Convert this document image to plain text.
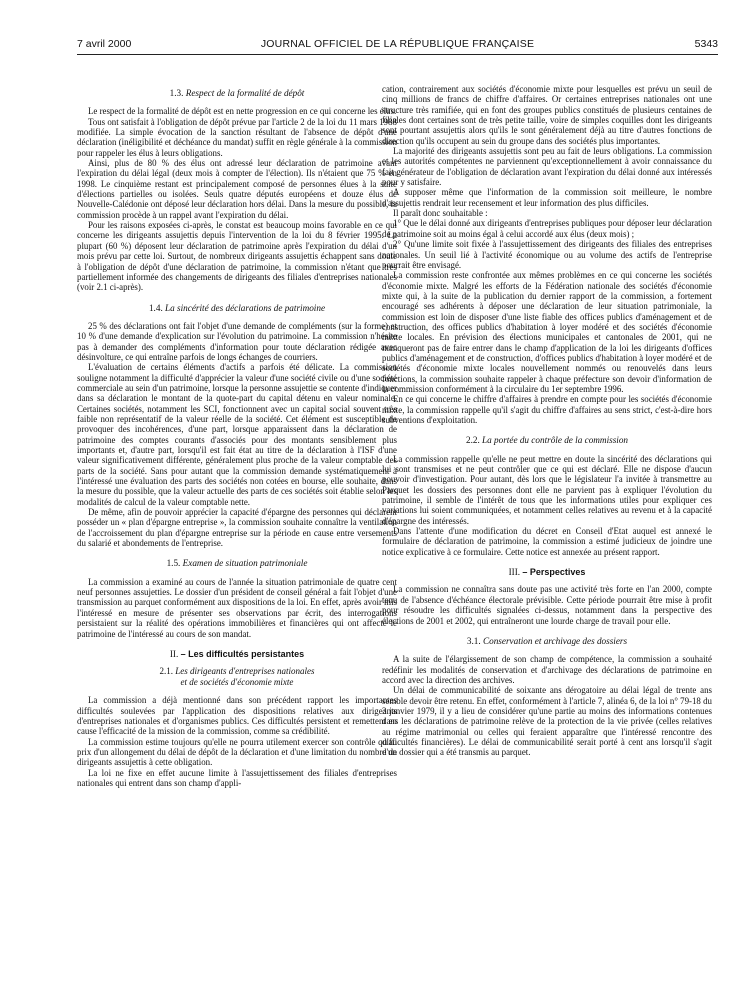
7 avril 2000	JOURNAL OFFICIEL DE LA RÉPUBLIQUE FRANÇAISE	5343
1.3. Respect de la formalité de dépôt

Le respect de la formalité de dépôt est en nette progression en ce qui concerne les élus.

Tous ont satisfait à l'obligation de dépôt prévue par l'article 2 de la loi du 11 mars 1988 modifiée. La simple évocation de la sanction résultant de l'absence de dépôt d'une déclaration (inéligibilité et déchéance du mandat) suffit en règle générale à la commission pour rappeler les élus à leurs obligations.

Ainsi, plus de 80 % des élus ont adressé leur déclaration de patrimoine avant l'expiration du délai légal (deux mois à compter de l'élection). Ils n'étaient que 75 % en 1998. Le cinquième restant est principalement composé de personnes élues à la suite d'élections partielles ou isolées. Seuls quatre députés européens et douze élus de Nouvelle-Calédonie ont déposé leur déclaration hors délai. Dans la mesure du possible, la commission procède à un rappel avant l'expiration du délai.

Pour les raisons exposées ci-après, le constat est beaucoup moins favorable en ce qui concerne les dirigeants assujettis depuis l'intervention de la loi du 8 février 1995. La plupart (60 %) déposent leur déclaration de patrimoine après l'expiration du délai d'un mois prévu par cette loi. Surtout, de nombreux dirigeants assujettis échappent sans doute à l'obligation de dépôt d'une déclaration de patrimoine, la commission n'étant que très partiellement informée des changements de dirigeants des filiales d'entreprises nationales (voir 2.1 ci-après).

1.4. La sincérité des déclarations de patrimoine

25 % des déclarations ont fait l'objet d'une demande de compléments (sur la forme) et 10 % d'une demande d'explication sur l'évolution du patrimoine. La commission n'hésite pas à demander des compléments d'information pour toute déclaration rédigée avec désinvolture, ce qui entraîne parfois de longs échanges de courriers.

L'évaluation de certains éléments d'actifs a parfois été délicate. La commission souligne notamment la difficulté d'apprécier la valeur d'une société civile ou d'une société commerciale au sein d'un patrimoine, lorsque la personne assujettie se contente d'indiquer dans sa déclaration le montant de la quote-part du capital détenu en valeur nominale. Certaines sociétés, notamment les SCI, fonctionnent avec un capital social souvent très faible non représentatif de la valeur réelle de la société. Cet élément est susceptible de provoquer des incohérences, d'une part, lorsque apparaissent dans la déclaration de patrimoine des comptes courants d'associés pour des montants sensiblement plus importants et, d'autre part, lorsqu'il est fait état au titre de la déclaration à l'ISF d'une valeur significativement différente, généralement plus proche de la valeur comptable des parts de la société. Sans pour autant que la commission demande systématiquement à l'intéressé une évaluation des parts des sociétés non cotées en bourse, elle souhaite, dans la mesure du possible, que la valeur actuelle des parts de ces sociétés soit établie selon les modalités de calcul de la valeur comptable nette.

De même, afin de pouvoir apprécier la capacité d'épargne des personnes qui déclarent posséder un « plan d'épargne entreprise », la commission souhaite connaître la ventilation de l'accroissement du plan d'épargne entreprise sur la période en cause entre versements du salarié et abondements de l'entreprise.

1.5. Examen de situation patrimoniale

La commission a examiné au cours de l'année la situation patrimoniale de quatre cent neuf personnes assujetties. Le dossier d'un président de conseil général a fait l'objet d'une transmission au parquet conformément aux dispositions de la loi. En effet, après avoir mis l'intéressé en mesure de présenter ses observations par écrit, des interrogations persistaient sur la réalité des opérations immobilières et financières qui ont affecté le patrimoine de l'intéressé au cours de son mandat.

II. – Les difficultés persistantes
2.1. Les dirigeants d'entreprises nationales
et de sociétés d'économie mixte

La commission a déjà mentionné dans son précédent rapport les importantes difficultés soulevées par l'application des dispositions relatives aux dirigeants d'entreprises nationales et d'organismes publics. Ces difficultés persistent et remettent en cause l'efficacité de la mission de la commission, comme sa crédibilité.

La commission estime toujours qu'elle ne pourra utilement exercer son contrôle qu'au prix d'un allongement du délai de dépôt de la déclaration et d'une limitation du nombre de dirigeants assujettis à cette obligation.

La loi ne fixe en effet aucune limite à l'assujettissement des filiales d'entreprises nationales qui entrent dans son champ d'appli-

cation, contrairement aux sociétés d'économie mixte pour lesquelles est prévu un seuil de cinq millions de francs de chiffre d'affaires. Or certaines entreprises nationales ont une structure très ramifiée, qui en font des groupes publics constitués de plusieurs centaines de filiales dont certaines sont de très petite taille, voire de simples coquilles dont les dirigeants sont pourtant assujettis alors qu'ils le sont généralement déjà au titre d'autres fonctions de direction qu'ils occupent au sein du groupe dans des sociétés plus importantes.

La majorité des dirigeants assujettis sont peu au fait de leurs obligations. La commission et les autorités compétentes ne parviennent qu'exceptionnellement à avoir connaissance du fait générateur de l'obligation de déclaration avant l'expiration du délai donné aux intéressés pour y satisfaire.

A supposer même que l'information de la commission soit meilleure, le nombre d'assujettis rendrait leur recensement et leur information des plus difficiles.

Il paraît donc souhaitable :

1° Que le délai donné aux dirigeants d'entreprises publiques pour déposer leur déclaration de patrimoine soit au moins égal à celui accordé aux élus (deux mois) ;

2° Qu'une limite soit fixée à l'assujettissement des dirigeants des filiales des entreprises nationales. Un seuil lié à l'activité économique ou au volume des actifs de l'entreprise pourrait être envisagé.

La commission reste confrontée aux mêmes problèmes en ce qui concerne les sociétés d'économie mixte. Malgré les efforts de la Fédération nationale des sociétés d'économie mixte qui, à la suite de la publication du dernier rapport de la commission, a fortement encouragé ses adhérents à déposer une déclaration de leur situation patrimoniale, la commission est loin de disposer d'une liste fiable des offices publics d'aménagement et de construction, des offices publics d'habitation à loyer modéré et des sociétés d'économie mixte locales. En prévision des élections municipales et cantonales de 2001, qui ne manqueront pas de faire entrer dans le champ d'application de la loi les dirigeants d'offices publics d'aménagement et de construction, d'offices publics d'habitation à loyer modéré et de sociétés d'économie mixte locales nouvellement nommés ou renouvelés dans leurs fonctions, la commission souhaite rappeler à chaque préfecture son devoir d'information de la commission conformément à la circulaire du 1er septembre 1996.

En ce qui concerne le chiffre d'affaires à prendre en compte pour les sociétés d'économie mixte, la commission rappelle qu'il s'agit du chiffre d'affaires au sens strict, c'est-à-dire hors subventions d'exploitation.

2.2. La portée du contrôle de la commission

La commission rappelle qu'elle ne peut mettre en doute la sincérité des déclarations qui lui sont transmises et ne peut contrôler que ce qui est déclaré. Elle ne dispose d'aucun pouvoir d'investigation. Pour autant, dès lors que le législateur l'a invitée à transmettre au Parquet les dossiers des personnes dont elle ne parvient pas à expliquer l'évolution du patrimoine, il semble de l'intérêt de tous que les informations utiles pour expliquer ces variations lui soient communiquées, et notamment celles relatives au revenu et à la capacité d'épargne des intéressés.

Dans l'attente d'une modification du décret en Conseil d'Etat auquel est annexé le formulaire de déclaration de patrimoine, la commission a estimé judicieux de joindre une notice explicative à ce formulaire. Cette notice est annexée au présent rapport.

III. – Perspectives

La commission ne connaîtra sans doute pas une activité très forte en l'an 2000, compte tenu de l'absence d'échéance électorale prévisible. Cette période pourrait être mise à profit pour résoudre les difficultés signalées ci-dessus, notamment dans la perspective des élections de 2001 et 2002, qui entraîneront une lourde charge de travail pour elle.

3.1. Conservation et archivage des dossiers

A la suite de l'élargissement de son champ de compétence, la commission a souhaité redéfinir les modalités de conservation et d'archivage des déclarations de patrimoine en accord avec la direction des archives.

Un délai de communicabilité de soixante ans dérogatoire au délai légal de trente ans semble devoir être retenu. En effet, conformément à l'article 7, alinéa 6, de la loi n° 79-18 du 3 janvier 1979, il y a lieu de considérer qu'une partie au moins des informations contenues dans les déclarations de patrimoine relève de la protection de la vie privée (celles relatives au régime matrimonial ou celles qui feraient apparaître que l'intéressé rencontre des difficultés financières). Le délai de communicabilité serait porté à cent ans lorsqu'il s'agit d'un dossier qui a été transmis au parquet.
